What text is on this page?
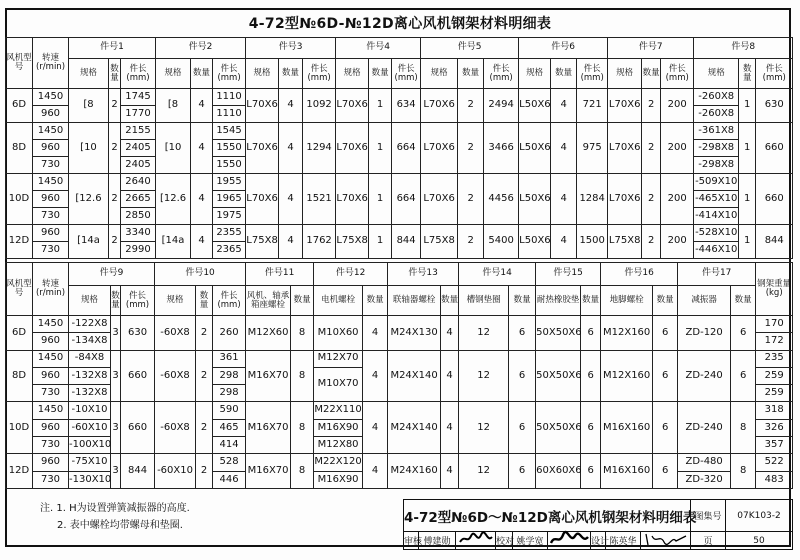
4-72型№6D-№12D离心风机钢架材料明细表
风机型号	转速(r/min)	件号1			件号2			件号3			件号4			件号5			件号6			件号7			件号8		
		规格	数量	件长(mm)	规格	数量	件长(mm)	规格	数量	件长(mm)	规格	数量	件长(mm)	规格	数量	件长(mm)	规格	数量	件长(mm)	规格	数量	件长(mm)	规格	数量	件长(mm)
6D	1450	[8	2	1745	[8	4	1110	L70X6	4	1092	L70X6	1	634	L70X6	2	2494	L50X6	4	721	L70X6	2	200	-260X8	1	630
	960			1770			1110																-260X8		
8D	1450	[10	2	2155	[10	4	1545	L70X6	4	1294	L70X6	1	664	L70X6	2	3466	L50X6	4	975	L70X6	2	200	-361X8	1	660
	960			2405			1550																-298X8		
	730			2405			1550																-298X8		
10D	1450	[12.6	2	2640	[12.6	4	1955	L70X6	4	1521	L70X6	1	664	L70X6	2	4456	L50X6	4	1284	L70X6	2	200	-509X10	1	660
	960			2665			1965																-465X10		
	730			2850			1975																-414X10		
12D	960	[14a	2	3340	[14a	4	2355	L75X8	4	1762	L75X8	1	844	L75X8	2	5400	L50X6	4	1500	L75X8	2	200	-528X10	1	844
	730			2990			2365																-446X10		
风机型号	转速(r/min)	件号9			件号10			件号11		件号12		件号13		件号14		件号15		件号16		件号17		钢架重量(kg)
		规格	数量	件长(mm)	规格	数量	件长(mm)	风机、轴承箱座螺栓	数量	电机螺栓	数量	联轴器螺栓	数量	槽钢垫圈	数量	耐热橡胶垫	数量	地脚螺栓	数量	减振器	数量	
6D	1450	-122X8	3	630	-60X8	2	260	M12X60	8	M10X60	4	M24X130	4	12	6	50X50X6	6	M12X160	6	ZD-120	6	170
	960	-134X8																				172
8D	1450	-84X8	3	660	-60X8	2	361	M16X70	8	M12X70	4	M24X140	4	12	6	50X50X6	6	M12X160	6	ZD-240	6	235
	960	-132X8					298			M10X70												259
	730	-132X8					298															259
10D	1450	-10X10	3	660	-60X8	2	590	M16X70	8	M22X110	4	M24X140	4	12	6	50X50X6	6	M16X160	6	ZD-240	8	318
	960	-60X10					465			M16X90												326
	730	-100X10					414			M12X80												357
12D	960	-75X10	3	844	-60X10	2	528	M16X70	8	M22X120	4	M24X160	4	12	6	60X60X6	6	M16X160	6	ZD-480	8	522
	730	-130X10					446			M16X90										ZD-320		483
注. 1. H为设置弹簧减振器的高度.
2. 表中螺栓均带螺母和垫圈.	4-72型№6D～№12D离心风机钢架材料明细表									图集号	07K103-2
审核	傅建勋		校对	姚学宽		设计	陈英华		页	50
